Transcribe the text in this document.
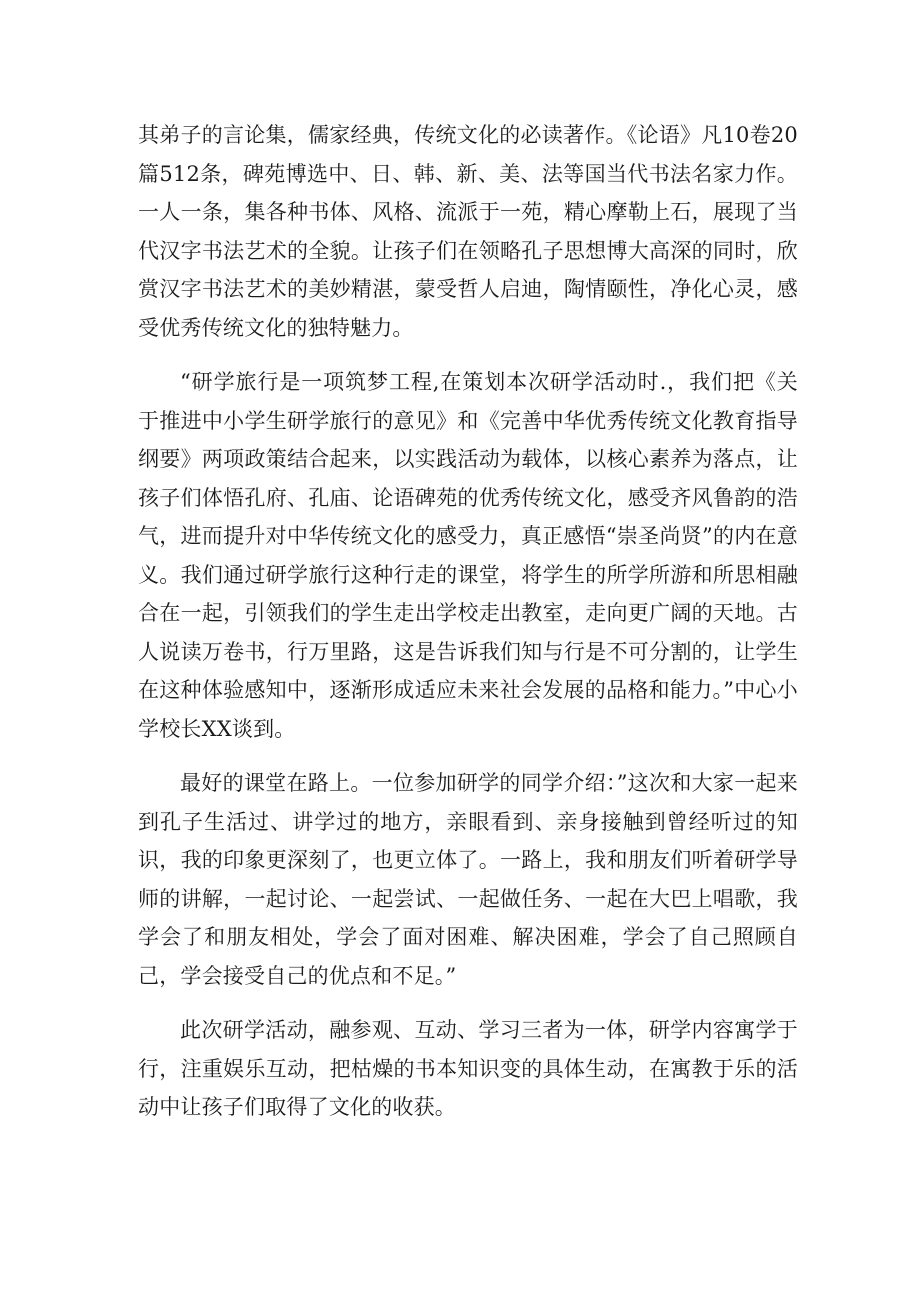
其弟子的言论集，儒家经典，传统文化的必读著作。《论语》凡10卷20篇512条，碑苑博选中、日、韩、新、美、法等国当代书法名家力作。一人一条，集各种书体、风格、流派于一苑，精心摩勒上石，展现了当代汉字书法艺术的全貌。让孩子们在领略孔子思想博大高深的同时，欣赏汉字书法艺术的美妙精湛，蒙受哲人启迪，陶情颐性，净化心灵，感受优秀传统文化的独特魅力。

“研学旅行是一项筑梦工程,在策划本次研学活动时.，我们把《关于推进中小学生研学旅行的意见》和《完善中华优秀传统文化教育指导纲要》两项政策结合起来，以实践活动为载体，以核心素养为落点，让孩子们体悟孔府、孔庙、论语碑苑的优秀传统文化，感受齐风鲁韵的浩气，进而提升对中华传统文化的感受力，真正感悟“崇圣尚贤”的内在意义。我们通过研学旅行这种行走的课堂，将学生的所学所游和所思相融合在一起，引领我们的学生走出学校走出教室，走向更广阔的天地。古人说读万卷书，行万里路，这是告诉我们知与行是不可分割的，让学生在这种体验感知中，逐渐形成适应未来社会发展的品格和能力。”中心小学校长XX谈到。

最好的课堂在路上。一位参加研学的同学介绍：”这次和大家一起来到孔子生活过、讲学过的地方，亲眼看到、亲身接触到曾经听过的知识，我的印象更深刻了，也更立体了。一路上，我和朋友们听着研学导师的讲解，一起讨论、一起尝试、一起做任务、一起在大巴上唱歌，我学会了和朋友相处，学会了面对困难、解决困难，学会了自己照顾自己，学会接受自己的优点和不足。”

此次研学活动，融参观、互动、学习三者为一体，研学内容寓学于行，注重娱乐互动，把枯燥的书本知识变的具体生动，在寓教于乐的活动中让孩子们取得了文化的收获。
